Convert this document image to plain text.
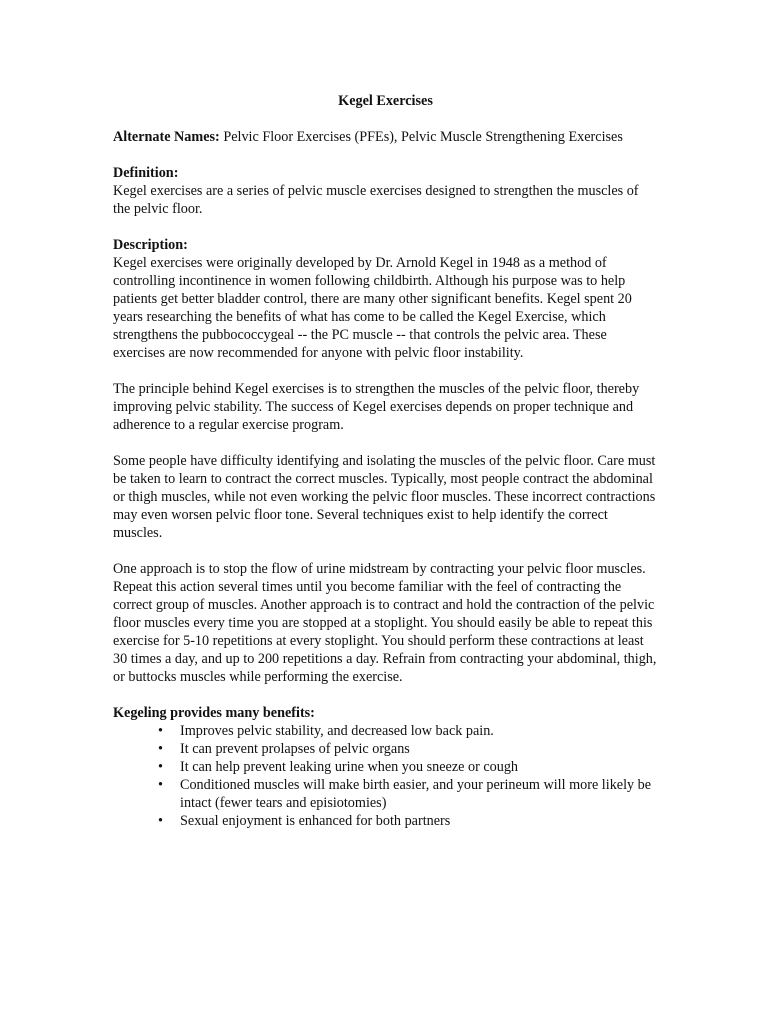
Kegel Exercises
Alternate Names: Pelvic Floor Exercises (PFEs), Pelvic Muscle Strengthening Exercises
Definition:
Kegel exercises are a series of pelvic muscle exercises designed to strengthen the muscles of the pelvic floor.
Description:
Kegel exercises were originally developed by Dr. Arnold Kegel in 1948 as a method of controlling incontinence in women following childbirth. Although his purpose was to help patients get better bladder control, there are many other significant benefits. Kegel spent 20 years researching the benefits of what has come to be called the Kegel Exercise, which strengthens the pubbococcygeal -- the PC muscle -- that controls the pelvic area. These exercises are now recommended for anyone with pelvic floor instability.
The principle behind Kegel exercises is to strengthen the muscles of the pelvic floor, thereby improving pelvic stability. The success of Kegel exercises depends on proper technique and adherence to a regular exercise program.
Some people have difficulty identifying and isolating the muscles of the pelvic floor. Care must be taken to learn to contract the correct muscles. Typically, most people contract the abdominal or thigh muscles, while not even working the pelvic floor muscles. These incorrect contractions may even worsen pelvic floor tone. Several techniques exist to help identify the correct muscles.
One approach is to stop the flow of urine midstream by contracting your pelvic floor muscles. Repeat this action several times until you become familiar with the feel of contracting the correct group of muscles. Another approach is to contract and hold the contraction of the pelvic floor muscles every time you are stopped at a stoplight. You should easily be able to repeat this exercise for 5-10 repetitions at every stoplight. You should perform these contractions at least 30 times a day, and up to 200 repetitions a day. Refrain from contracting your abdominal, thigh, or buttocks muscles while performing the exercise.
Kegeling provides many benefits:
• Improves pelvic stability, and decreased low back pain.
• It can prevent prolapses of pelvic organs
• It can help prevent leaking urine when you sneeze or cough
• Conditioned muscles will make birth easier, and your perineum will more likely be intact (fewer tears and episiotomies)
• Sexual enjoyment is enhanced for both partners
